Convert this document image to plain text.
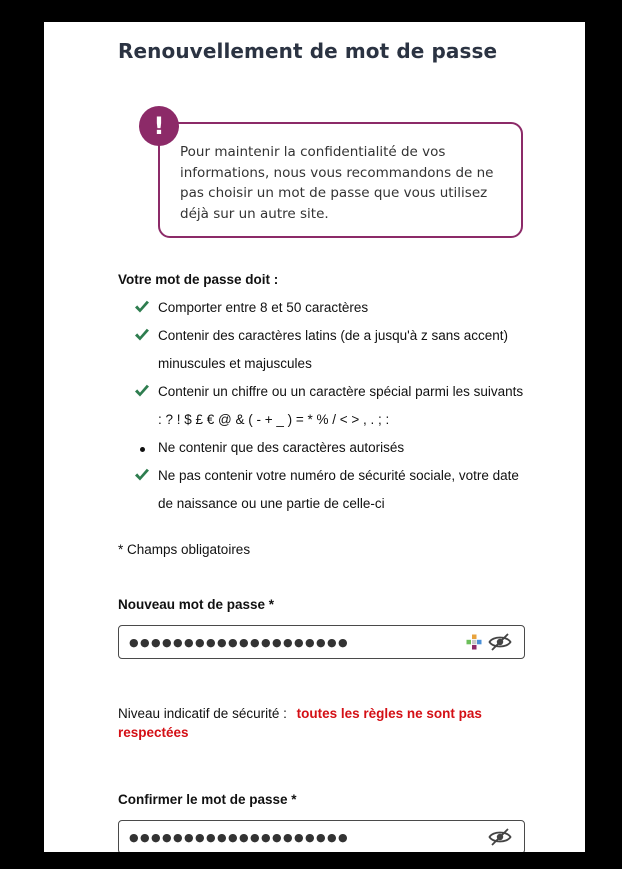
Renouvellement de mot de passe
Pour maintenir la confidentialité de vos informations, nous vous recommandons de ne pas choisir un mot de passe que vous utilisez déjà sur un autre site.
!
Votre mot de passe doit :
Comporter entre 8 et 50 caractères
Contenir des caractères latins (de a jusqu'à z sans accent) minuscules et majuscules
Contenir un chiffre ou un caractère spécial parmi les suivants : ? ! $ £ € @ & ( - + _ ) = * % / < > , . ; :
Ne contenir que des caractères autorisés
Ne pas contenir votre numéro de sécurité sociale, votre date de naissance ou une partie de celle-ci
* Champs obligatoires
Nouveau mot de passe *
●●●●●●●●●●●●●●●●●●●●
Niveau indicatif de sécurité : toutes les règles ne sont pas respectées
Confirmer le mot de passe *
●●●●●●●●●●●●●●●●●●●●
